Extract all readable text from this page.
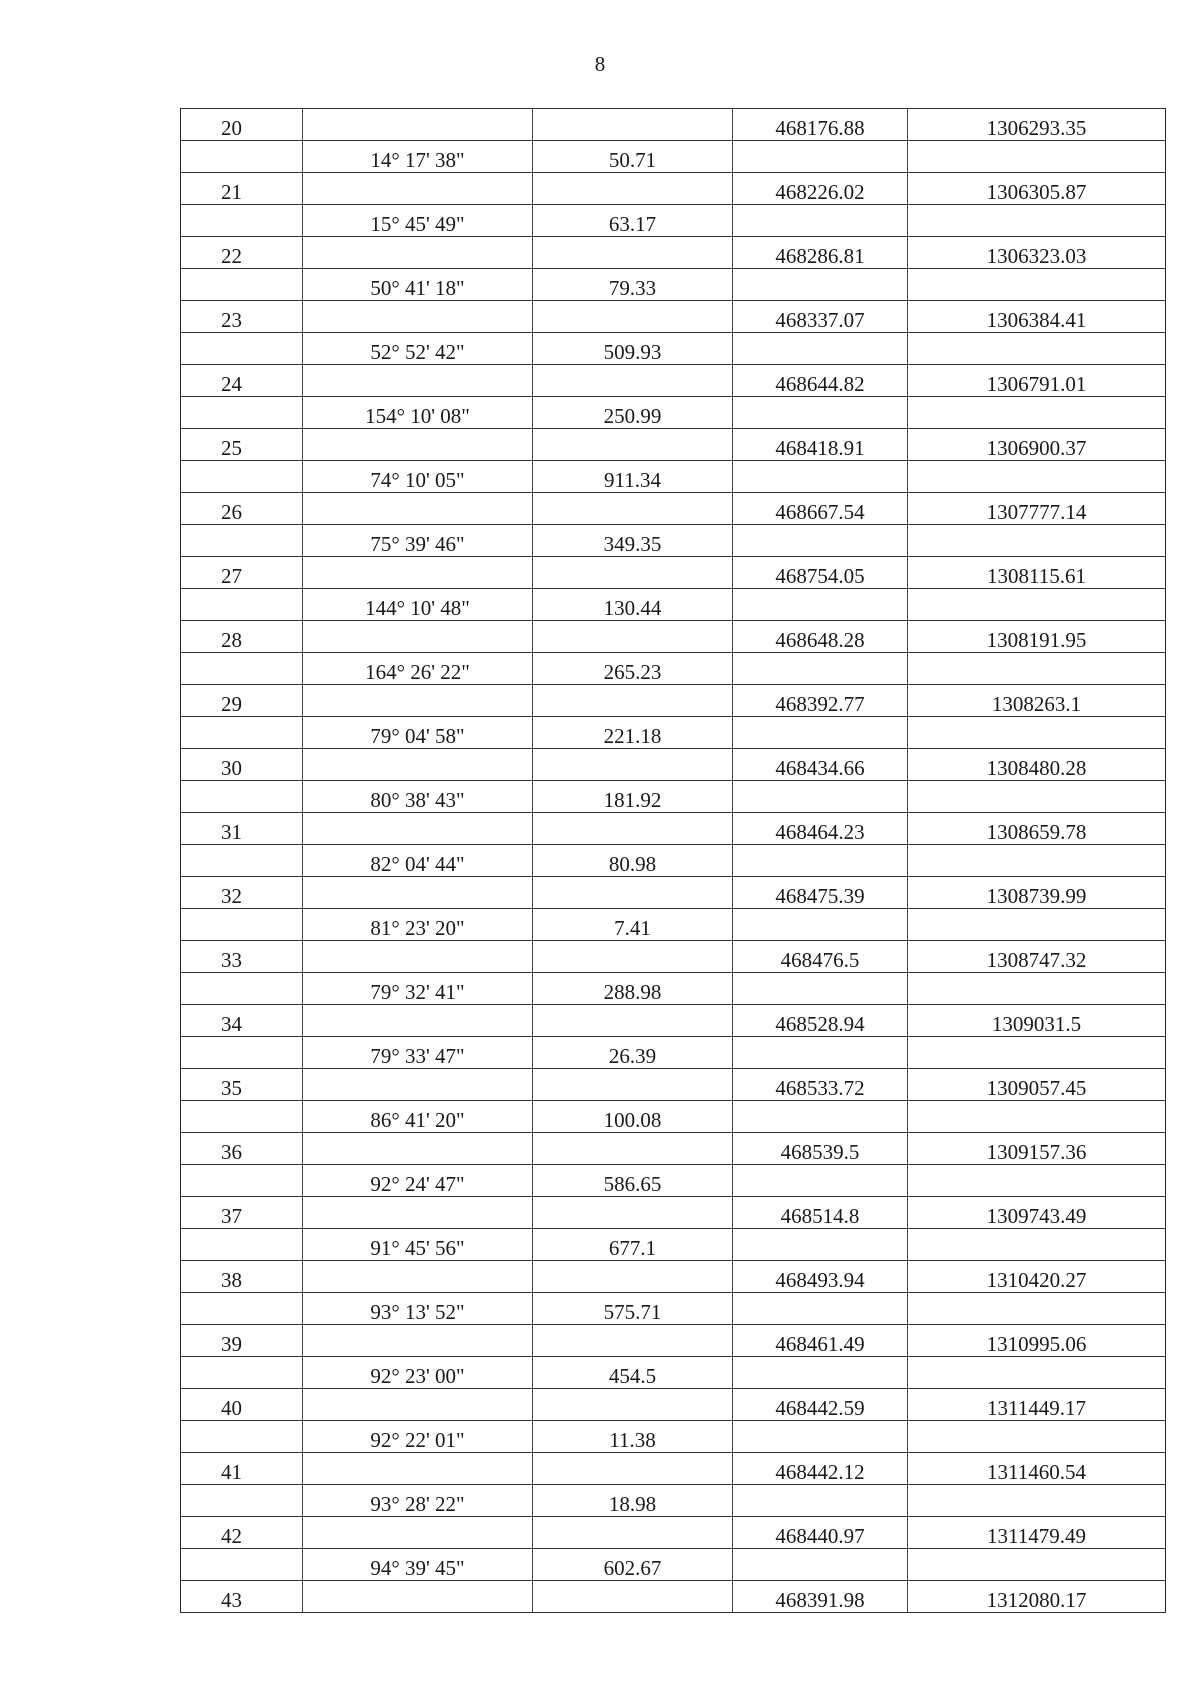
8
20			468176.88	1306293.35
	14° 17' 38"	50.71		
21			468226.02	1306305.87
	15° 45' 49"	63.17		
22			468286.81	1306323.03
	50° 41' 18"	79.33		
23			468337.07	1306384.41
	52° 52' 42"	509.93		
24			468644.82	1306791.01
	154° 10' 08"	250.99		
25			468418.91	1306900.37
	74° 10' 05"	911.34		
26			468667.54	1307777.14
	75° 39' 46"	349.35		
27			468754.05	1308115.61
	144° 10' 48"	130.44		
28			468648.28	1308191.95
	164° 26' 22"	265.23		
29			468392.77	1308263.1
	79° 04' 58"	221.18		
30			468434.66	1308480.28
	80° 38' 43"	181.92		
31			468464.23	1308659.78
	82° 04' 44"	80.98		
32			468475.39	1308739.99
	81° 23' 20"	7.41		
33			468476.5	1308747.32
	79° 32' 41"	288.98		
34			468528.94	1309031.5
	79° 33' 47"	26.39		
35			468533.72	1309057.45
	86° 41' 20"	100.08		
36			468539.5	1309157.36
	92° 24' 47"	586.65		
37			468514.8	1309743.49
	91° 45' 56"	677.1		
38			468493.94	1310420.27
	93° 13' 52"	575.71		
39			468461.49	1310995.06
	92° 23' 00"	454.5		
40			468442.59	1311449.17
	92° 22' 01"	11.38		
41			468442.12	1311460.54
	93° 28' 22"	18.98		
42			468440.97	1311479.49
	94° 39' 45"	602.67		
43			468391.98	1312080.17
